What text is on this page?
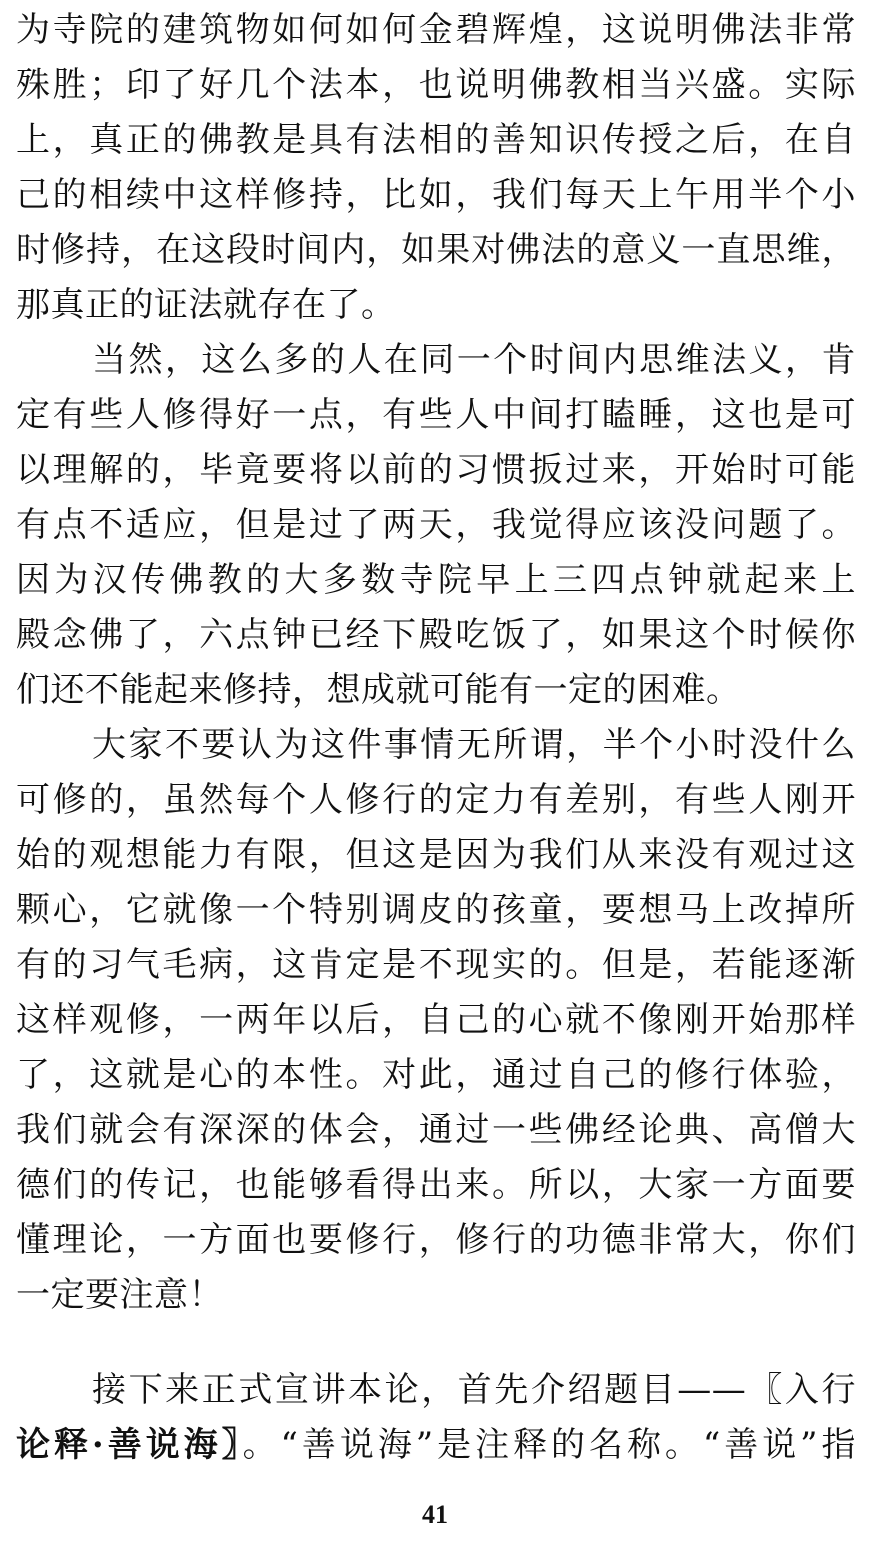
为寺院的建筑物如何如何金碧辉煌，这说明佛法非常
殊胜；印了好几个法本，也说明佛教相当兴盛。实际
上，真正的佛教是具有法相的善知识传授之后，在自
己的相续中这样修持，比如，我们每天上午用半个小
时修持，在这段时间内，如果对佛法的意义一直思维，
那真正的证法就存在了。
当然，这么多的人在同一个时间内思维法义，肯
定有些人修得好一点，有些人中间打瞌睡，这也是可
以理解的，毕竟要将以前的习惯扳过来，开始时可能
有点不适应，但是过了两天，我觉得应该没问题了。
因为汉传佛教的大多数寺院早上三四点钟就起来上
殿念佛了，六点钟已经下殿吃饭了，如果这个时候你
们还不能起来修持，想成就可能有一定的困难。
大家不要认为这件事情无所谓，半个小时没什么
可修的，虽然每个人修行的定力有差别，有些人刚开
始的观想能力有限，但这是因为我们从来没有观过这
颗心，它就像一个特别调皮的孩童，要想马上改掉所
有的习气毛病，这肯定是不现实的。但是，若能逐渐
这样观修，一两年以后，自己的心就不像刚开始那样
了，这就是心的本性。对此，通过自己的修行体验，
我们就会有深深的体会，通过一些佛经论典、高僧大
德们的传记，也能够看得出来。所以，大家一方面要
懂理论，一方面也要修行，修行的功德非常大，你们
一定要注意！
接下来正式宣讲本论，首先介绍题目——〖入行
论释·善说海〗。“善说海”是注释的名称。“善说”指
41
